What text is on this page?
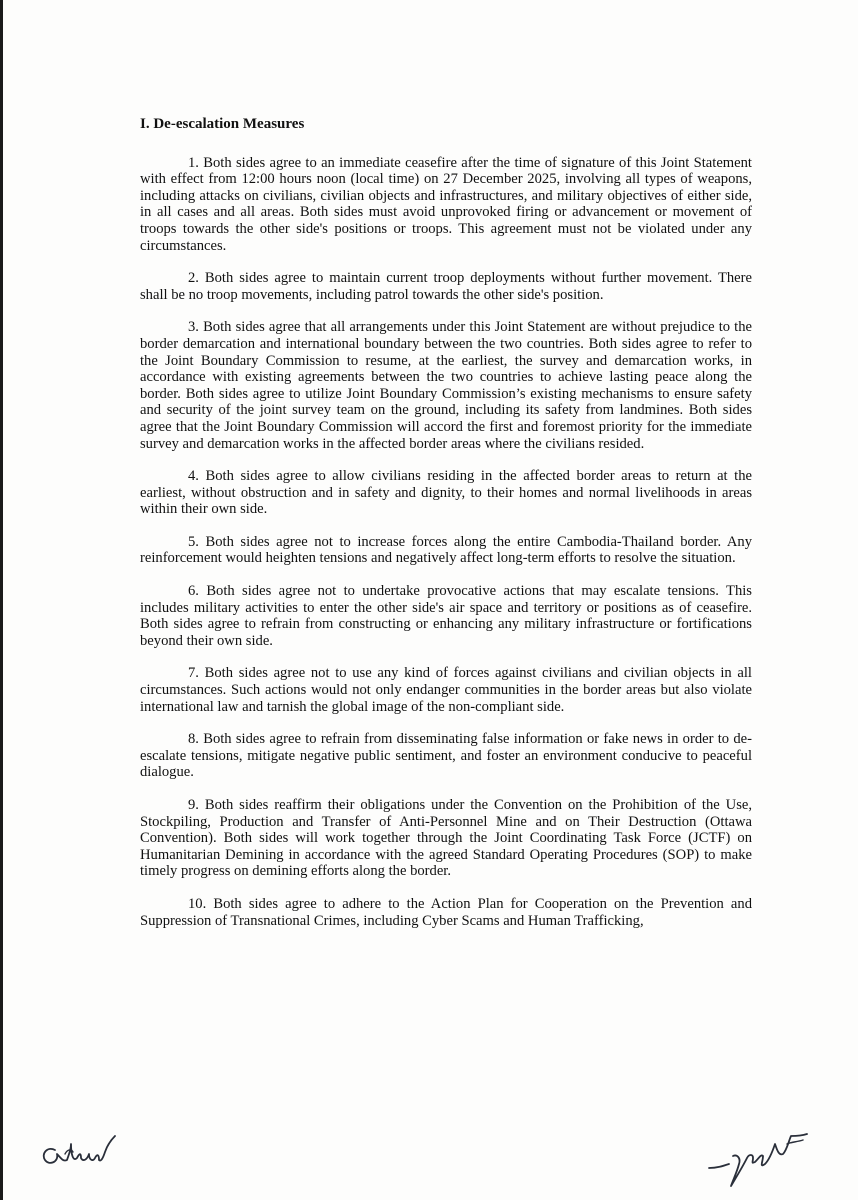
I. De-escalation Measures

1. Both sides agree to an immediate ceasefire after the time of signature of this Joint Statement with effect from 12:00 hours noon (local time) on 27 December 2025, involving all types of weapons, including attacks on civilians, civilian objects and infrastructures, and military objectives of either side, in all cases and all areas. Both sides must avoid unprovoked firing or advancement or movement of troops towards the other side's positions or troops. This agreement must not be violated under any circumstances.

2. Both sides agree to maintain current troop deployments without further movement. There shall be no troop movements, including patrol towards the other side's position.

3. Both sides agree that all arrangements under this Joint Statement are without prejudice to the border demarcation and international boundary between the two countries. Both sides agree to refer to the Joint Boundary Commission to resume, at the earliest, the survey and demarcation works, in accordance with existing agreements between the two countries to achieve lasting peace along the border. Both sides agree to utilize Joint Boundary Commission’s existing mechanisms to ensure safety and security of the joint survey team on the ground, including its safety from landmines. Both sides agree that the Joint Boundary Commission will accord the first and foremost priority for the immediate survey and demarcation works in the affected border areas where the civilians resided.

4. Both sides agree to allow civilians residing in the affected border areas to return at the earliest, without obstruction and in safety and dignity, to their homes and normal livelihoods in areas within their own side.

5. Both sides agree not to increase forces along the entire Cambodia-Thailand border. Any reinforcement would heighten tensions and negatively affect long-term efforts to resolve the situation.

6. Both sides agree not to undertake provocative actions that may escalate tensions. This includes military activities to enter the other side's air space and territory or positions as of ceasefire. Both sides agree to refrain from constructing or enhancing any military infrastructure or fortifications beyond their own side.

7. Both sides agree not to use any kind of forces against civilians and civilian objects in all circumstances. Such actions would not only endanger communities in the border areas but also violate international law and tarnish the global image of the non-compliant side.

8. Both sides agree to refrain from disseminating false information or fake news in order to de-escalate tensions, mitigate negative public sentiment, and foster an environment conducive to peaceful dialogue.

9. Both sides reaffirm their obligations under the Convention on the Prohibition of the Use, Stockpiling, Production and Transfer of Anti-Personnel Mine and on Their Destruction (Ottawa Convention). Both sides will work together through the Joint Coordinating Task Force (JCTF) on Humanitarian Demining in accordance with the agreed Standard Operating Procedures (SOP) to make timely progress on demining efforts along the border.

10. Both sides agree to adhere to the Action Plan for Cooperation on the Prevention and Suppression of Transnational Crimes, including Cyber Scams and Human Trafficking,
